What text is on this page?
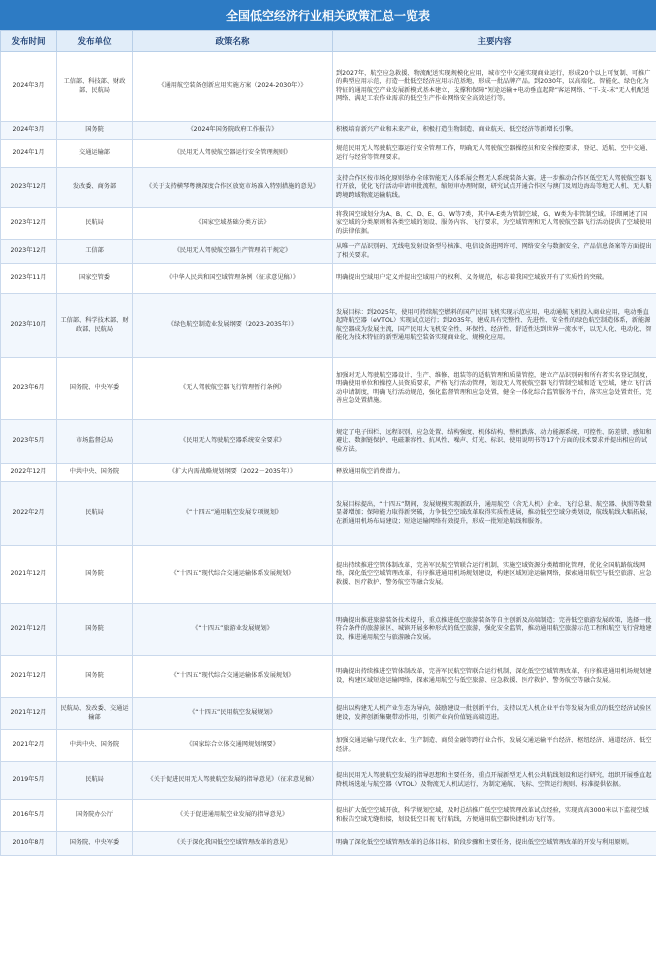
全国低空经济行业相关政策汇总一览表
发布时间	发布单位	政策名称	主要内容
2024年3月	工信部、科技部、财政部、民航局	《通用航空装备创新应用实施方案（2024-2030年）》	到2027年，航空应急救援、物流配送实现规模化应用，城市空中交通实现商业运行，形成20个以上可复制、可推广的典型应用示范，打造一批低空经济应用示范基地，形成一批品牌产品。到2030年，以高端化、智能化、绿色化为特征的通用航空产业发展新模式基本建立，支撑和保障“短途运输+电动垂直起降”客运网络、“干-支-末”无人机配送网络、满足工农作业需求的低空生产作业网络安全高效运行等。
2024年3月	国务院	《2024年国务院政府工作报告》	积极培育新兴产业和未来产业，积极打造生物制造、商业航天、低空经济等新增长引擎。
2024年1月	交通运输部	《民用无人驾驶航空器运行安全管理规则》	规范民用无人驾驶航空器运行安全管理工作，明确无人驾驶航空器操控员和安全操控要求，登记、适航、空中交通、运行与经营等管理要求。
2023年12月	发改委、商务部	《关于支持横琴粤澳深度合作区放宽市场准入特别措施的意见》	支持合作区按市场化原则举办全球智能无人体系展会暨无人系统装备大赛。进一步推动合作区低空无人驾驶航空器飞行开放，优化飞行活动申请审批流程，缩短审办理时限，研究试点开通合作区与澳门及周边海岛等地无人机、无人船跨境跨域物流运输航线。
2023年12月	民航局	《国家空域基础分类方法》	将我国空域划分为A、B、C、D、E、G、W等7类，其中A-E类为管制空域，G、W类为非管制空域。详细阐述了国家空域的分类原则和各类空域的划设、服务内容、飞行要求，为空域管理和无人驾驶航空器飞行活动提供了空域使用的法律依据。
2023年12月	工信部	《民用无人驾驶航空器生产管理若干规定》	从唯一产品识别码、无线电发射设备型号核准、电信设备进网许可、网络安全与数据安全、产品信息备案等方面提出了相关要求。
2023年11月	国家空管委	《中华人民共和国空域管理条例（征求意见稿）》	明确提出空域用户定义并提出空域用户的权利、义务规范，标志着我国空域放开有了实质性的突破。
2023年10月	工信部、科学技术部、财政部、民航局	《绿色航空制造业发展纲要（2023-2035年）》	发展目标：到2025年，使用可持续航空燃料的国产民用飞机实现示范应用，电动通航飞机投入商业应用，电动垂直起降航空器（eVTOL）实现试点运行；到2035年，建成具有完整性、先进性、安全性的绿色航空制造体系，新能源航空器成为发展主流，国产民用大飞机安全性、环保性、经济性、舒适性达到世界一流水平，以无人化、电动化、智能化为技术特征的新型通用航空装备实现商业化、规模化应用。
2023年6月	国务院、中央军委	《无人驾驶航空器飞行管理暂行条例》	加强对无人驾驶航空器设计、生产、维修、组装等的适航管理和质量管控，建立产品识别码和所有者实名登记制度，明确使用单位和操控人员资质要求，严格飞行活动管理，划设无人驾驶航空器飞行管制空域和适飞空域，建立飞行活动申请制度，明确飞行活动规范，强化监督管理和应急处置，健全一体化综合监管服务平台，落实应急处置责任，完善应急处置措施。
2023年5月	市场监督总局	《民用无人驾驶航空器系统安全要求》	规定了电子围栏、远程识别、应急处置、结构强度、机体结构、整机跌落、动力能源系统、可控性、防差错、感知和避让、数据链保护、电磁兼容性、抗风性、噪声、灯光、标识、使用说明书等17个方面的技术要求并提出相应的试验方法。
2022年12月	中共中央、国务院	《扩大内需战略规划纲要（2022－2035年）》	释放通用航空消费潜力。
2022年2月	民航局	《“十四五”通用航空发展专项规划》	发展目标提出，“十四五”期间，发展规模实现新跃升，通用航空（含无人机）企业、飞行总量、航空器、执照等数量显著增加；保障能力取得新突破，力争低空空域改革取得实质性进展，推动低空空域分类划设，航线航线大幅拓展，在新通用机场布局建设；短途运输网络有效提升，形成一批短途航线和服务。
2021年12月	国务院	《“十四五”现代综合交通运输体系发展规划》	提出持续推进空管体制改革，完善军民航空管联合运行机制，实施空域资源分类精细化管理，优化全国航路航线网络，深化低空空域管理改革，有序推进通用机场规划建设，构建区域短途运输网络，探索通用航空与低空旅游、应急救援、医疗救护、警务航空等融合发展。
2021年12月	国务院	《“十四五”旅游业发展规划》	明确提出推进旅游装备技术提升，重点推进低空旅游装备等自主创新及高端制造；完善低空旅游发展政策，选择一批符合条件的旅游景区、城镇开展多种形式的低空旅游，强化安全监管，推动通用航空旅游示范工程和航空飞行营地建设，推进通用航空与旅游融合发展。
2021年12月	国务院	《“十四五”现代综合交通运输体系发展规划》	明确提出持续推进空管体制改革，完善军民航空管联合运行机制，深化低空空域管理改革，有序推进通用机场规划建设，构建区域短途运输网络，探索通用航空与低空旅游、应急救援、医疗救护、警务航空等融合发展。
2021年12月	民航局、发改委、交通运输部	《“十四五”民用航空发展规划》	提出以构建无人机产业生态为导向，鼓励建设一批创新平台，支持以无人机企业平台等发展为重点的低空经济试验区建设，发挥创新集聚带动作用，引领产业向价值链高端迈进。
2021年2月	中共中央、国务院	《国家综合立体交通网规划纲要》	加强交通运输与现代农业、生产制造、商贸金融等跨行业合作，发展交通运输平台经济、枢纽经济、通道经济、低空经济。
2019年5月	民航局	《关于促进民用无人驾驶航空发展的指导意见》（征求意见稿）	提出民用无人驾驶航空发展的指导思想和主要任务，重点开展新型无人机公共航线划设和运行研究，组织开展垂直起降机场选址与航空器（VTOL）及物流无人机试运行，为制定通航、飞标、空管运行规则、标准提供依据。
2016年5月	国务院办公厅	《关于促进通用航空业发展的指导意见》	提出扩大低空空域开放，科学规划空域，及时总结推广低空空域管理改革试点经验，实现真高3000米以下监视空域和报告空域无缝衔接，划设低空目视飞行航线，方便通用航空器快捷机动飞行等。
2010年8月	国务院、中央军委	《关于深化我国低空空域管理改革的意见》	明确了深化低空空域管理改革的总体目标、阶段步骤和主要任务，提出低空空域管理改革的开发与利用原则。
